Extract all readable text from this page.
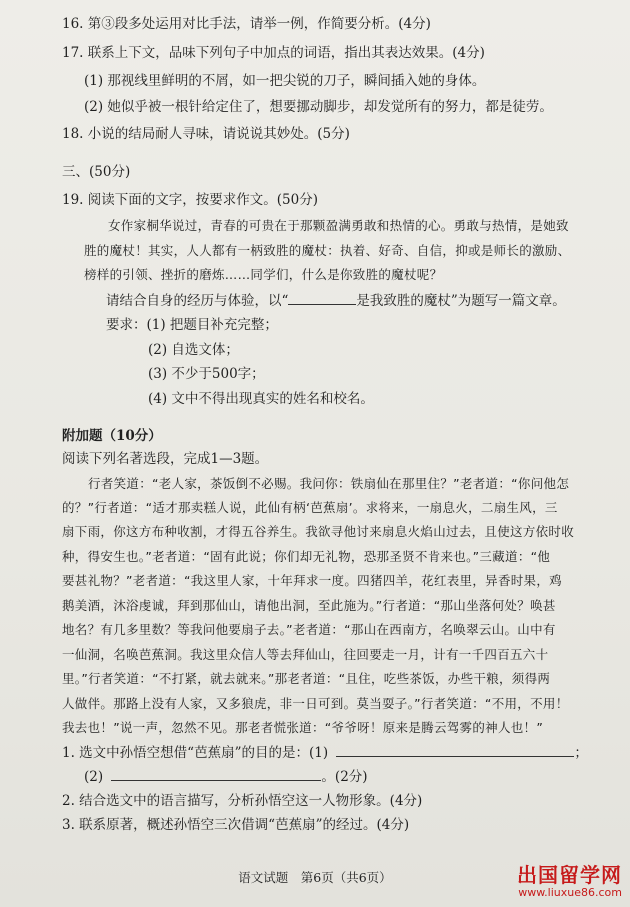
16. 第③段多处运用对比手法，请举一例，作简要分析。(4分)
17. 联系上下文，品味下列句子中加点的词语，指出其表达效果。(4分)
(1) 那视线里鲜明的不屑，如一把尖锐的刀子，瞬间插入她的身体。
(2) 她似乎被一根针给定住了，想要挪动脚步，却发觉所有的努力，都是徒劳。
18. 小说的结局耐人寻味，请说说其妙处。(5分)
三、(50分)
19. 阅读下面的文字，按要求作文。(50分)
女作家桐华说过，青春的可贵在于那颗盈满勇敢和热情的心。勇敢与热情，是她致
胜的魔杖！其实，人人都有一柄致胜的魔杖：执着、好奇、自信，抑或是师长的激励、
榜样的引领、挫折的磨炼……同学们，什么是你致胜的魔杖呢？
请结合自身的经历与体验，以“	是我致胜的魔杖”为题写一篇文章。
要求：(1) 把题目补充完整；
(2) 自选文体；
(3) 不少于500字；
(4) 文中不得出现真实的姓名和校名。
附加题（10分）
阅读下列名著选段，完成1—3题。
行者笑道：“老人家，茶饭倒不必赐。我问你：铁扇仙在那里住？”老者道：“你问他怎
的？”行者道：“适才那卖糕人说，此仙有柄‘芭蕉扇’。求将来，一扇息火，二扇生风，三
扇下雨，你这方布种收割，才得五谷养生。我欲寻他讨来扇息火焰山过去，且使这方依时收
种，得安生也。”老者道：“固有此说；你们却无礼物，恐那圣贤不肯来也。”三藏道：“他
要甚礼物？”老者道：“我这里人家，十年拜求一度。四猪四羊，花红表里，异香时果，鸡
鹅美酒，沐浴虔诚，拜到那仙山，请他出洞，至此施为。”行者道：“那山坐落何处？唤甚
地名？有几多里数？等我问他要扇子去。”老者道：“那山在西南方，名唤翠云山。山中有
一仙洞，名唤芭蕉洞。我这里众信人等去拜仙山，往回要走一月，计有一千四百五六十
里。”行者笑道：“不打紧，就去就来。”那老者道：“且住，吃些茶饭，办些干粮，须得两
人做伴。那路上没有人家，又多狼虎，非一日可到。莫当耍子。”行者笑道：“不用，不用！
我去也！”说一声，忽然不见。那老者慌张道：“爷爷呀！原来是腾云驾雾的神人也！”
1. 选文中孙悟空想借“芭蕉扇”的目的是：(1)	；
(2)	。(2分)
2. 结合选文中的语言描写，分析孙悟空这一人物形象。(4分)
3. 联系原著，概述孙悟空三次借调“芭蕉扇”的经过。(4分)
语文试题　第6页（共6页）	出国留学网
www.liuxue86.com
